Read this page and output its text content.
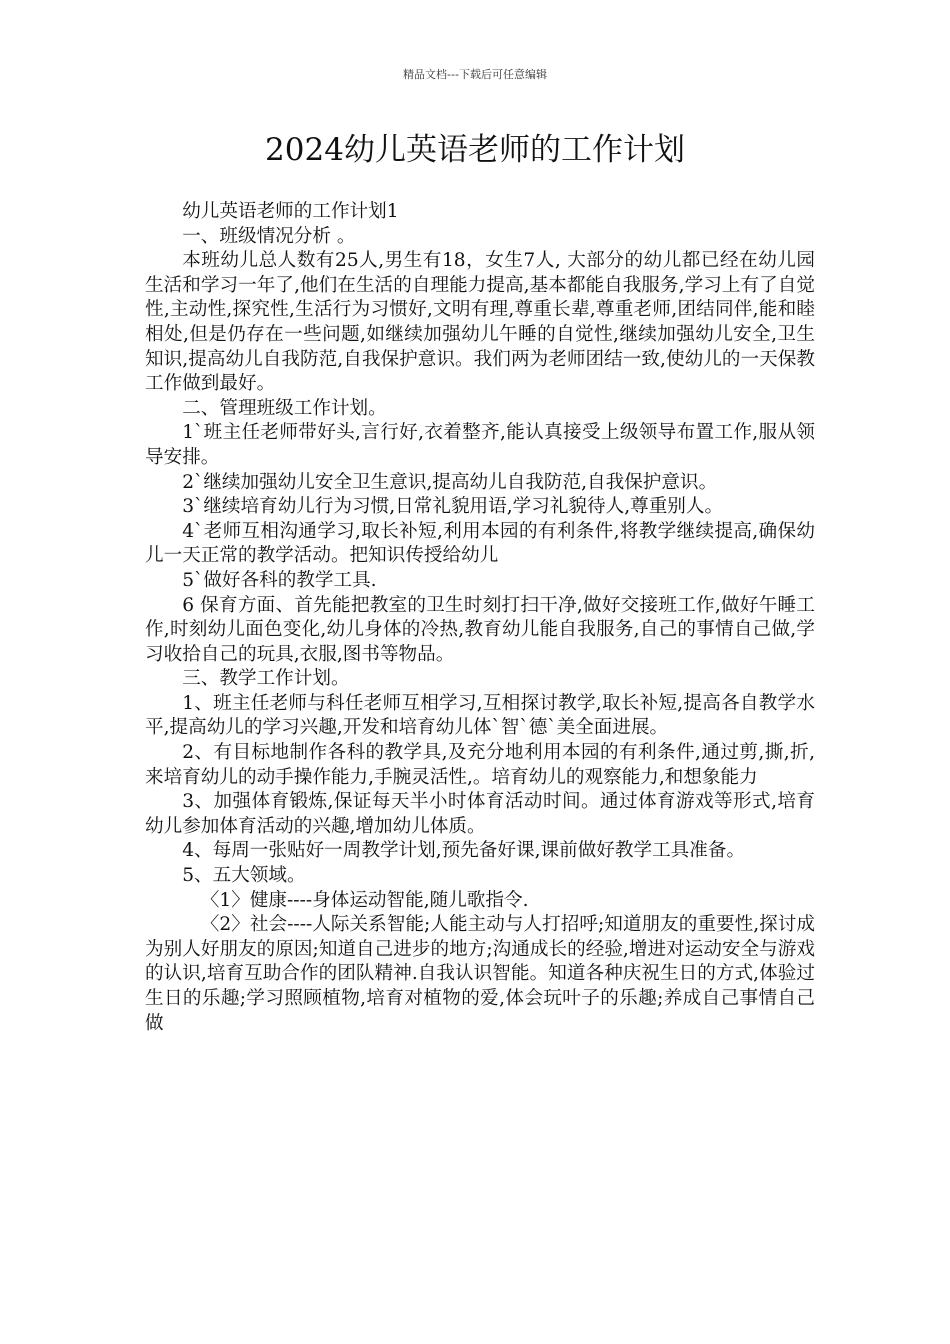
精品文档---下载后可任意编辑
2024幼儿英语老师的工作计划

幼儿英语老师的工作计划1

一、班级情况分析 。

本班幼儿总人数有25人,男生有18，女生7人, 大部分的幼儿都已经在幼儿园生活和学习一年了,他们在生活的自理能力提高,基本都能自我服务,学习上有了自觉性,主动性,探究性,生活行为习惯好,文明有理,尊重长辈,尊重老师,团结同伴,能和睦相处,但是仍存在一些问题,如继续加强幼儿午睡的自觉性,继续加强幼儿安全,卫生知识,提高幼儿自我防范,自我保护意识。我们两为老师团结一致,使幼儿的一天保教工作做到最好。

二、管理班级工作计划。

1`班主任老师带好头,言行好,衣着整齐,能认真接受上级领导布置工作,服从领导安排。

2`继续加强幼儿安全卫生意识,提高幼儿自我防范,自我保护意识。

3`继续培育幼儿行为习惯,日常礼貌用语,学习礼貌待人,尊重别人。

4`老师互相沟通学习,取长补短,利用本园的有利条件,将教学继续提高,确保幼儿一天正常的教学活动。把知识传授给幼儿

5`做好各科的教学工具.

6 保育方面、首先能把教室的卫生时刻打扫干净,做好交接班工作,做好午睡工作,时刻幼儿面色变化,幼儿身体的冷热,教育幼儿能自我服务,自己的事情自己做,学习收拾自己的玩具,衣服,图书等物品。

三、教学工作计划。

1、班主任老师与科任老师互相学习,互相探讨教学,取长补短,提高各自教学水平,提高幼儿的学习兴趣,开发和培育幼儿体`智`德`美全面进展。

2、有目标地制作各科的教学具,及充分地利用本园的有利条件,通过剪,撕,折,来培育幼儿的动手操作能力,手腕灵活性,。培育幼儿的观察能力,和想象能力

3、加强体育锻炼,保证每天半小时体育活动时间。通过体育游戏等形式,培育幼儿参加体育活动的兴趣,增加幼儿体质。

4、每周一张贴好一周教学计划,预先备好课,课前做好教学工具准备。

5、五大领域。

〈1〉健康----身体运动智能,随儿歌指令.

〈2〉社会----人际关系智能;人能主动与人打招呼;知道朋友的重要性,探讨成为别人好朋友的原因;知道自己进步的地方;沟通成长的经验,增进对运动安全与游戏的认识,培育互助合作的团队精神.自我认识智能。知道各种庆祝生日的方式,体验过生日的乐趣;学习照顾植物,培育对植物的爱,体会玩叶子的乐趣;养成自己事情自己做
